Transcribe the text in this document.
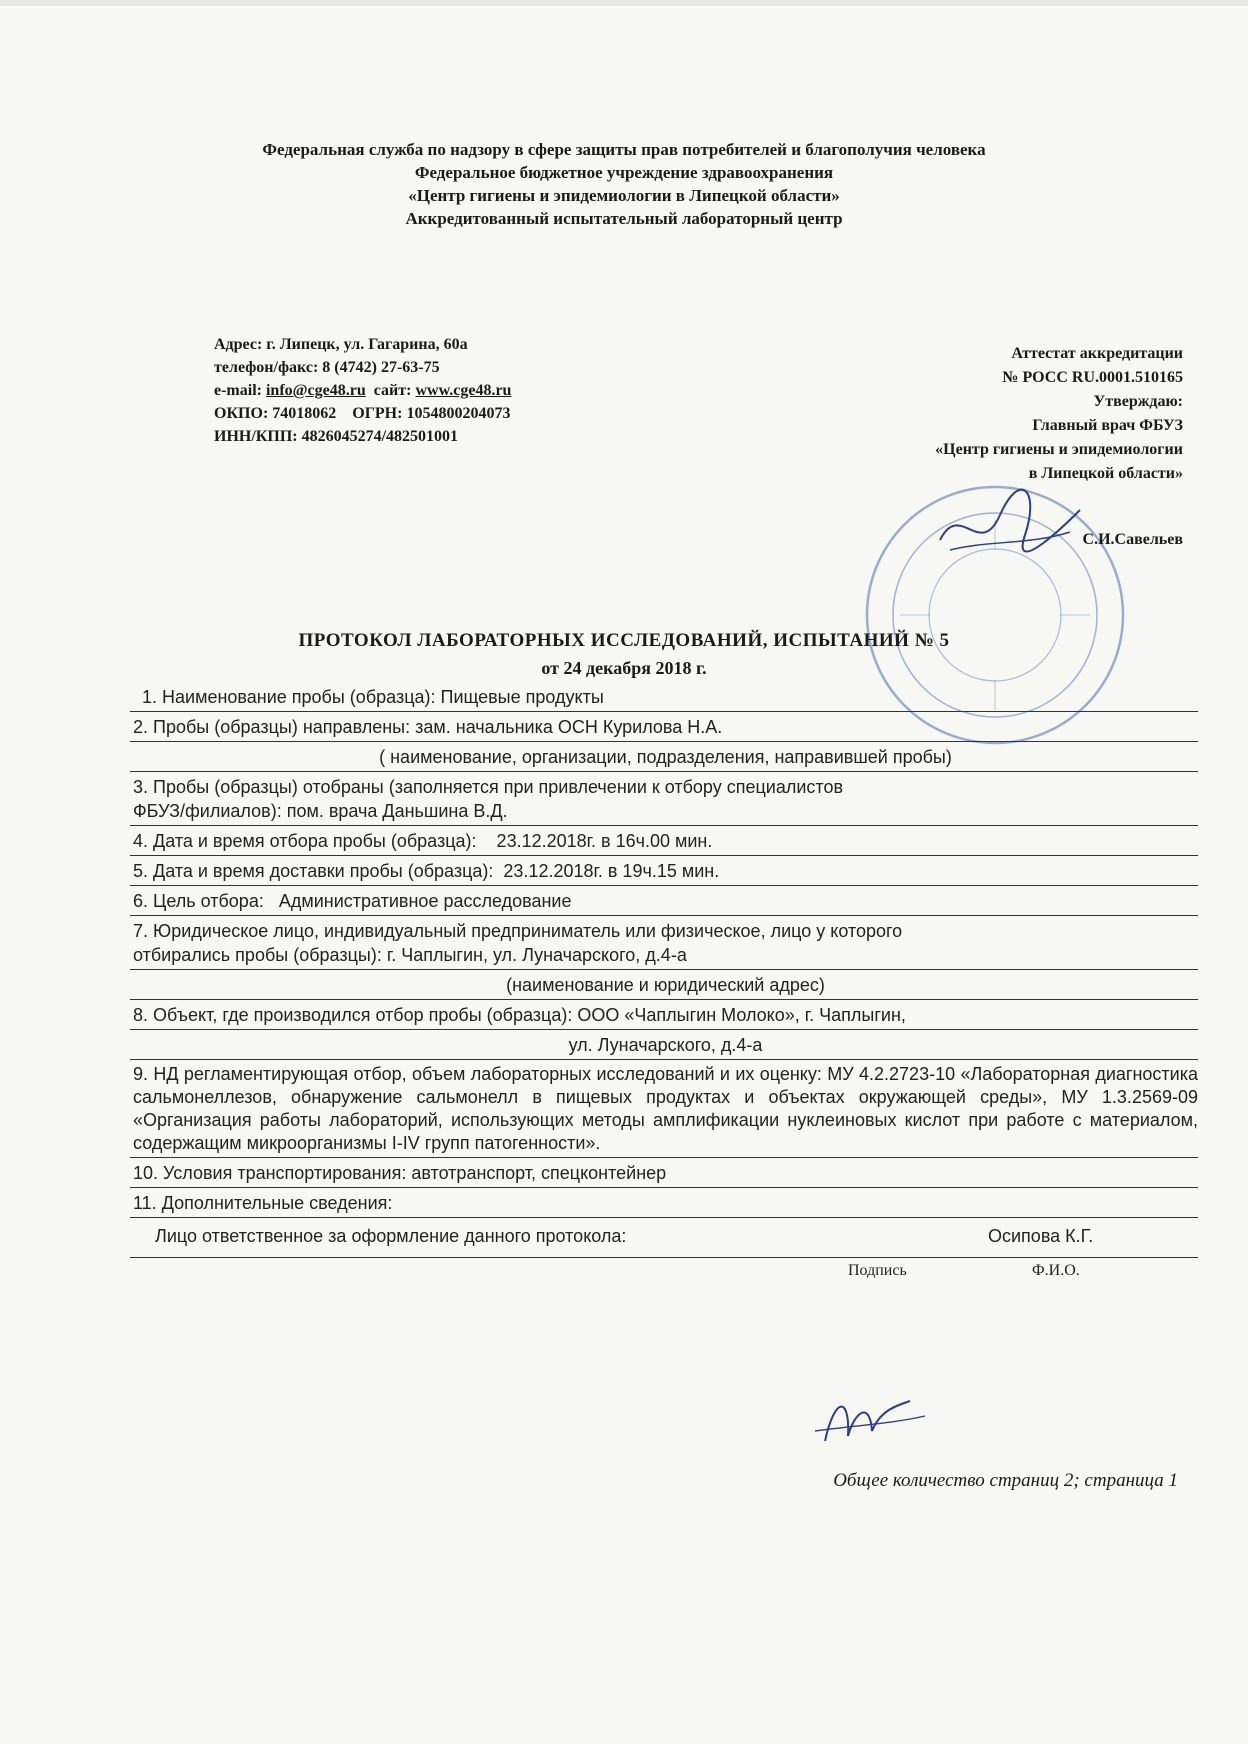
Федеральная служба по надзору в сфере защиты прав потребителей и благополучия человека
Федеральное бюджетное учреждение здравоохранения
«Центр гигиены и эпидемиологии в Липецкой области»
Аккредитованный испытательный лабораторный центр
Адрес: г. Липецк, ул. Гагарина, 60а
телефон/факс: 8 (4742) 27-63-75
e-mail: info@cge48.ru сайт: www.cge48.ru
ОКПО: 74018062    ОГРН: 1054800204073
ИНН/КПП: 4826045274/482501001
Аттестат аккредитации
№ РОСС RU.0001.510165
Утверждаю:
Главный врач ФБУЗ
«Центр гигиены и эпидемиологии
в Липецкой области»
С.И.Савельев
ПРОТОКОЛ ЛАБОРАТОРНЫХ ИССЛЕДОВАНИЙ, ИСПЫТАНИЙ № 5
от 24 декабря 2018 г.
1. Наименование пробы (образца): Пищевые продукты
2. Пробы (образцы) направлены: зам. начальника ОСН Курилова Н.А.
( наименование, организации, подразделения, направившей пробы)
3. Пробы (образцы) отобраны (заполняется при привлечении к отбору специалистов
ФБУЗ/филиалов): пом. врача Даньшина В.Д.
4. Дата и время отбора пробы (образца):    23.12.2018г. в 16ч.00 мин.
5. Дата и время доставки пробы (образца):  23.12.2018г. в 19ч.15 мин.
6. Цель отбора:   Административное расследование
7. Юридическое лицо, индивидуальный предприниматель или физическое, лицо у которого
отбирались пробы (образцы): г. Чаплыгин, ул. Луначарского, д.4-а
(наименование и юридический адрес)
8. Объект, где производился отбор пробы (образца): ООО «Чаплыгин Молоко», г. Чаплыгин,
ул. Луначарского, д.4-а
9. НД регламентирующая отбор, объем лабораторных исследований и их оценку: МУ 4.2.2723-10 «Лабораторная диагностика сальмонеллезов, обнаружение сальмонелл в пищевых продуктах и объектах окружающей среды», МУ 1.3.2569-09 «Организация работы лабораторий, использующих методы амплификации нуклеиновых кислот при работе с материалом, содержащим микроорганизмы I-IV групп патогенности».
10. Условия транспортирования: автотранспорт, спецконтейнер
11. Дополнительные сведения:
Лицо ответственное за оформление данного протокола:	Осипова К.Г.
Подпись	Ф.И.О.
Общее количество страниц 2; страница 1
